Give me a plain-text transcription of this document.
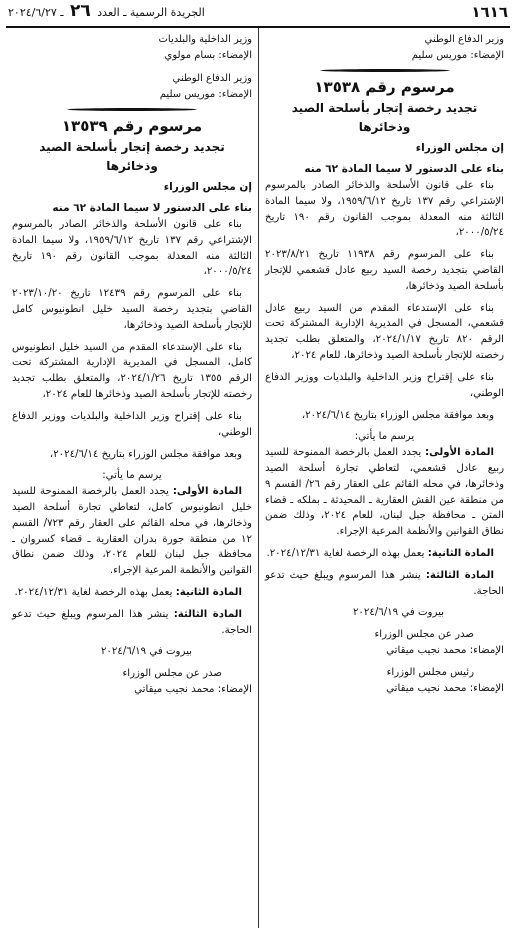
١٦١٦
الجريدة الرسمية ـ العدد ٢٦ ـ ٢٠٢٤/٦/٢٧
وزير الدفاع الوطني
الإمضاء: موريس سليم
مرسوم رقم ١٣٥٣٨
تجديد رخصة إتجار بأسلحة الصيد وذخائرها
إن مجلس الوزراء
بناء على الدستور لا سيما المادة ٦٢ منه

بناء على قانون الأسلحة والذخائر الصادر بالمرسوم الإشتراعي رقم ١٣٧ تاريخ ١٩٥٩/٦/١٢، ولا سيما المادة الثالثة منه المعدلة بموجب القانون رقم ١٩٠ تاريخ ٢٠٠٠/٥/٢٤،

بناء على المرسوم رقم ١١٩٣٨ تاريخ ٢٠٢٣/٨/٢١ القاضي بتجديد رخصة السيد ربيع عادل قشعمي للإتجار بأسلحة الصيد وذخائرها،

بناء على الإستدعاء المقدم من السيد ربيع عادل قشعمي، المسجل في المديرية الإدارية المشتركة تحت الرقم ٨٢٠ تاريخ ٢٠٢٤/١/١٧، والمتعلق بطلب تجديد رخصته للإتجار بأسلحة الصيد وذخائرها، للعام ٢٠٢٤،

بناء على إقتراح وزير الداخلية والبلديات ووزير الدفاع الوطني،

وبعد موافقة مجلس الوزراء بتاريخ ٢٠٢٤/٦/١٤،

يرسم ما يأتي:

المادة الأولى: يجدد العمل بالرخصة الممنوحة للسيد ربيع عادل قشعمي، لتعاطي تجارة أسلحة الصيد وذخائرها، في محله القائم على العقار رقم ٢٦/ القسم ٩ من منطقة عين القش العقارية ـ المحيدثة ـ بملكه ـ قضاء المتن ـ محافظة جبل لبنان، للعام ٢٠٢٤، وذلك ضمن نطاق القوانين والأنظمة المرعية الإجراء.

المادة الثانية: يعمل بهذه الرخصة لغاية ٢٠٢٤/١٢/٣١.

المادة الثالثة: ينشر هذا المرسوم ويبلغ حيث تدعو الحاجة.

بيروت في ٢٠٢٤/٦/١٩
صدر عن مجلس الوزراء
الإمضاء: محمد نجيب ميقاتي
رئيس مجلس الوزراء
الإمضاء: محمد نجيب ميقاتي
وزير الداخلية والبلديات
الإمضاء: بسام مولوي
وزير الدفاع الوطني
الإمضاء: موريس سليم
مرسوم رقم ١٣٥٣٩
تجديد رخصة إتجار بأسلحة الصيد وذخائرها
إن مجلس الوزراء
بناء على الدستور لا سيما المادة ٦٢ منه

بناء على قانون الأسلحة والذخائر الصادر بالمرسوم الإشتراعي رقم ١٣٧ تاريخ ١٩٥٩/٦/١٢، ولا سيما المادة الثالثة منه المعدلة بموجب القانون رقم ١٩٠ تاريخ ٢٠٠٠/٥/٢٤،

بناء على المرسوم رقم ١٢٤٣٩ تاريخ ٢٠٢٣/١٠/٢٠ القاضي بتجديد رخصة السيد خليل انطونيوس كامل للإتجار بأسلحة الصيد وذخائرها،

بناء على الإستدعاء المقدم من السيد خليل انطونيوس كامل، المسجل في المديرية الإدارية المشتركة تحت الرقم ١٣٥٥ تاريخ ٢٠٢٤/١/٢٦، والمتعلق بطلب تجديد رخصته للإتجار بأسلحة الصيد وذخائرها للعام ٢٠٢٤،

بناء على إقتراح وزير الداخلية والبلديات ووزير الدفاع الوطني،

وبعد موافقة مجلس الوزراء بتاريخ ٢٠٢٤/٦/١٤،

يرسم ما يأتي:

المادة الأولى: يجدد العمل بالرخصة الممنوحة للسيد خليل انطونيوس كامل، لتعاطي تجارة أسلحة الصيد وذخائرها، في محله القائم على العقار رقم ٧٢٣/ القسم ١٢ من منطقة جورة بدران العقارية ـ قضاء كسروان ـ محافظة جبل لبنان للعام ٢٠٢٤، وذلك ضمن نطاق القوانين والأنظمة المرعية الإجراء.

المادة الثانية: يعمل بهذه الرخصة لغاية ٢٠٢٤/١٢/٣١.

المادة الثالثة: ينشر هذا المرسوم ويبلغ حيث تدعو الحاجة.

بيروت في ٢٠٢٤/٦/١٩
صدر عن مجلس الوزراء
الإمضاء: محمد نجيب ميقاتي
